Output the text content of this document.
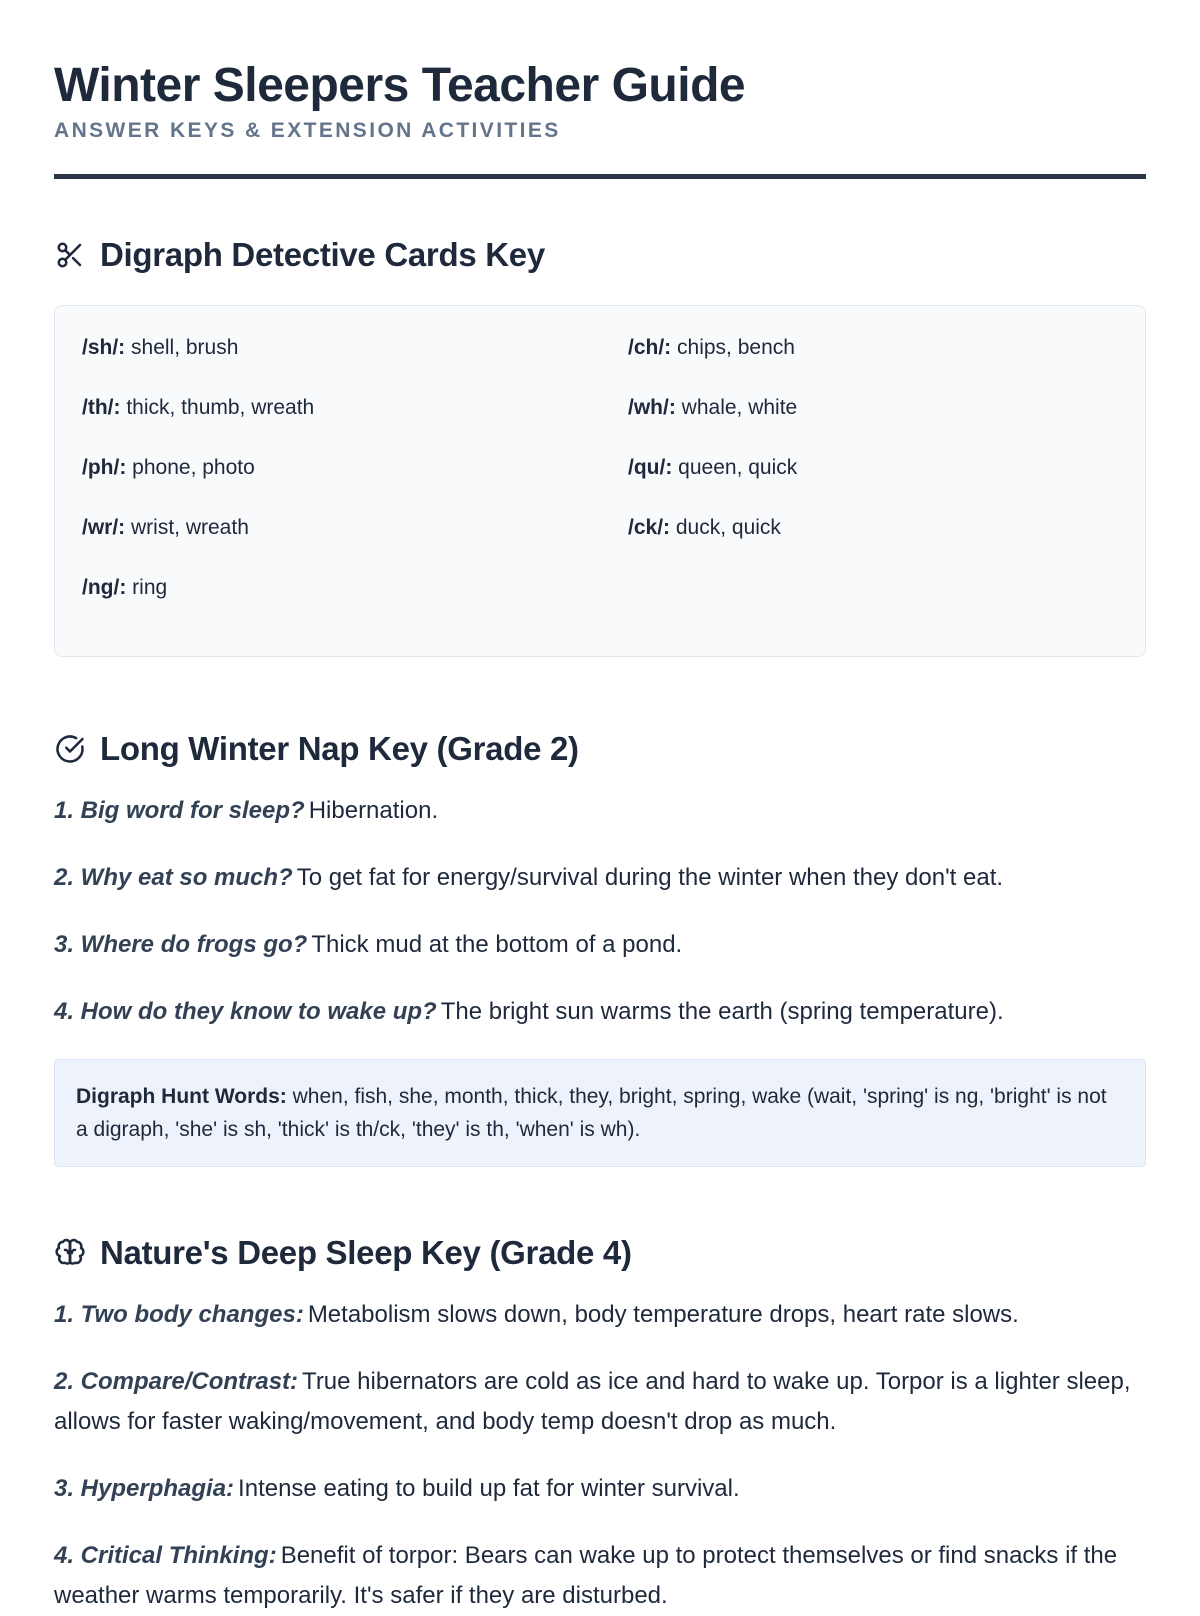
Winter Sleepers Teacher Guide
ANSWER KEYS & EXTENSION ACTIVITIES
Digraph Detective Cards Key
/sh/: shell, brush	/ch/: chips, bench
/th/: thick, thumb, wreath	/wh/: whale, white
/ph/: phone, photo	/qu/: queen, quick
/wr/: wrist, wreath	/ck/: duck, quick
/ng/: ring
Long Winter Nap Key (Grade 2)

1. Big word for sleep? Hibernation.

2. Why eat so much? To get fat for energy/survival during the winter when they don't eat.

3. Where do frogs go? Thick mud at the bottom of a pond.

4. How do they know to wake up? The bright sun warms the earth (spring temperature).

Digraph Hunt Words: when, fish, she, month, thick, they, bright, spring, wake (wait, 'spring' is ng, 'bright' is not a digraph, 'she' is sh, 'thick' is th/ck, 'they' is th, 'when' is wh).
Nature's Deep Sleep Key (Grade 4)

1. Two body changes: Metabolism slows down, body temperature drops, heart rate slows.

2. Compare/Contrast: True hibernators are cold as ice and hard to wake up. Torpor is a lighter sleep, allows for faster waking/movement, and body temp doesn't drop as much.

3. Hyperphagia: Intense eating to build up fat for winter survival.

4. Critical Thinking: Benefit of torpor: Bears can wake up to protect themselves or find snacks if the weather warms temporarily. It's safer if they are disturbed.
